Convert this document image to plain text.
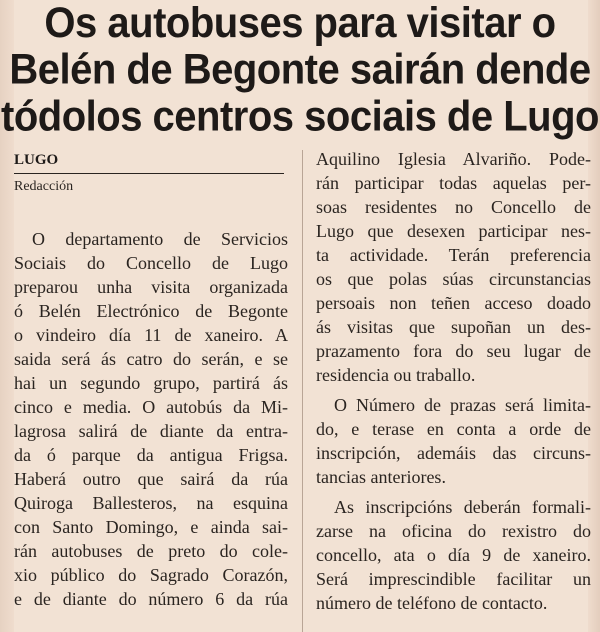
Os autobuses para visitar o
Belén de Begonte sairán dende
tódolos centros sociais de Lugo
LUGO
Redacción
O departamento de Servicios
Sociais do Concello de Lugo
preparou unha visita organizada
ó Belén Electrónico de Begonte
o vindeiro día 11 de xaneiro. A
saida será ás catro do serán, e se
hai un segundo grupo, partirá ás
cinco e media. O autobús da Mi-
lagrosa salirá de diante da entra-
da ó parque da antigua Frigsa.
Haberá outro que sairá da rúa
Quiroga Ballesteros, na esquina
con Santo Domingo, e ainda sai-
rán autobuses de preto do cole-
xio público do Sagrado Corazón,
e de diante do número 6 da rúa
Aquilino Iglesia Alvariño. Pode-
rán participar todas aquelas per-
soas residentes no Concello de
Lugo que desexen participar nes-
ta actividade. Terán preferencia
os que polas súas circunstancias
persoais non teñen acceso doado
ás visitas que supoñan un des-
prazamento fora do seu lugar de
residencia ou traballo.
O Número de prazas será limita-
do, e terase en conta a orde de
inscripción, ademáis das circuns-
tancias anteriores.
As inscripcións deberán formali-
zarse na oficina do rexistro do
concello, ata o día 9 de xaneiro.
Será imprescindible facilitar un
número de teléfono de contacto.
